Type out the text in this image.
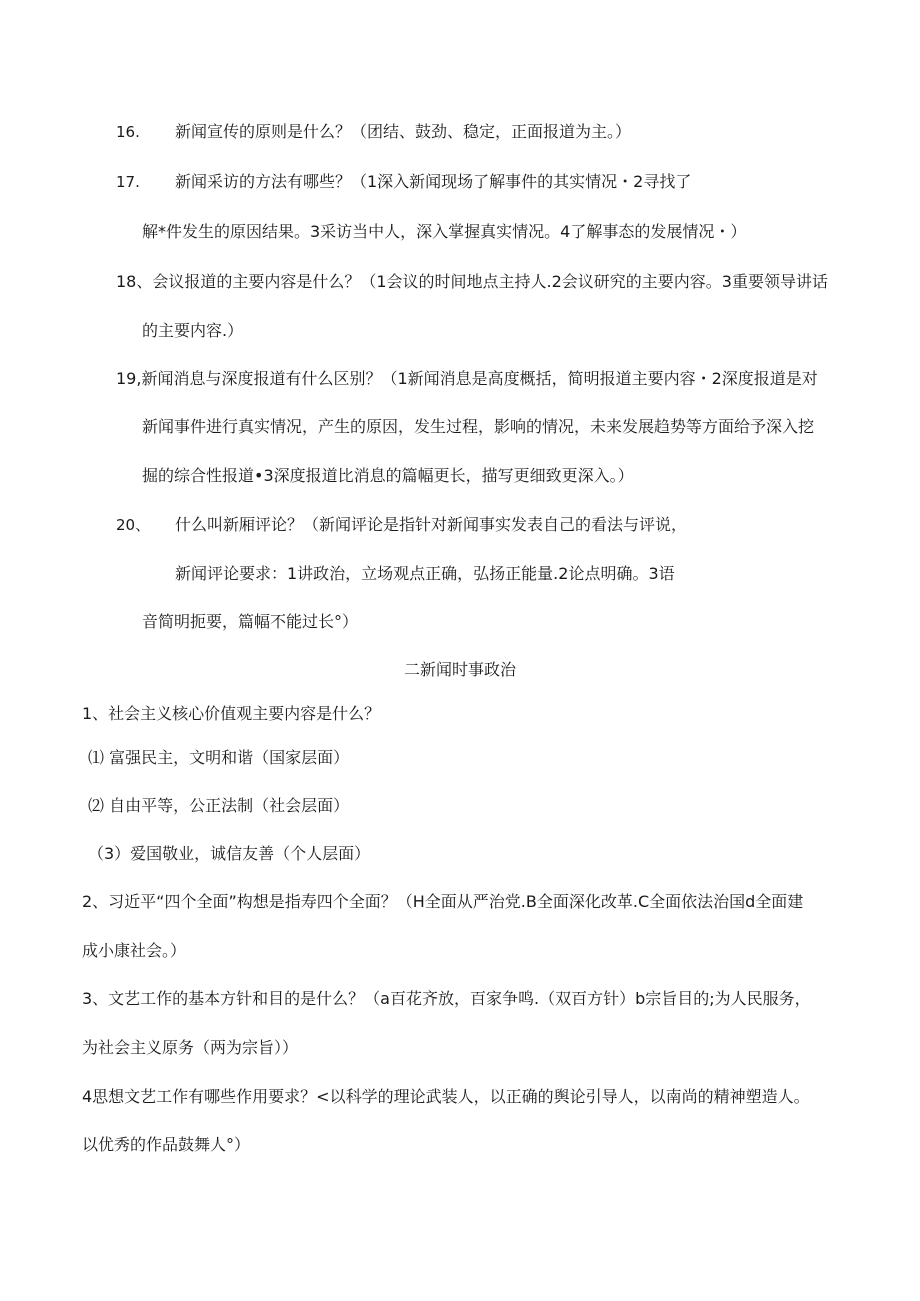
16. 新闻宣传的原则是什么？（团结、鼓劲、稳定，正面报道为主。）
17. 新闻采访的方法有哪些？（1深入新闻现场了解事件的其实情况・2寻找了
解*件发生的原因结果。3采访当中人，深入掌握真实情况。4了解事态的发展情况・）
18、会议报道的主要内容是什么？（1会议的时间地点主持人.2会议研究的主要内容。3重要领导讲话
的主要内容.）
19,新闻消息与深度报道有什么区别？（1新闻消息是高度概括，简明报道主要内容・2深度报道是对
新闻事件进行真实情况，产生的原因，发生过程，影响的情况，未来发展趋势等方面给予深入挖
掘的综合性报道•3深度报道比消息的篇幅更长，描写更细致更深入。）
20、 什么叫新厢评论？（新闻评论是指针对新闻事实发表自己的看法与评说，
新闻评论要求：1讲政治，立场观点正确，弘扬正能量.2论点明确。3语
音简明扼要，篇幅不能过长°）
二新闻时事政治
1、社会主义核心价值观主要内容是什么？
⑴ 富强民主，文明和谐（国家层面）
⑵ 自由平等，公正法制（社会层面）
（3）爱国敬业，诚信友善（个人层面）
2、习近平“四个全面”构想是指寿四个全面？（H全面从严治党.B全面深化改革.C全面依法治国d全面建
成小康社会。）
3、文艺工作的基本方针和目的是什么？（a百花齐放，百家争鸣.（双百方针）b宗旨目的;为人民服务，
为社会主义原务（两为宗旨））
4思想文艺工作有哪些作用要求？<以科学的理论武装人，以正确的舆论引导人，以南尚的精神塑造人。
以优秀的作品鼓舞人°）
